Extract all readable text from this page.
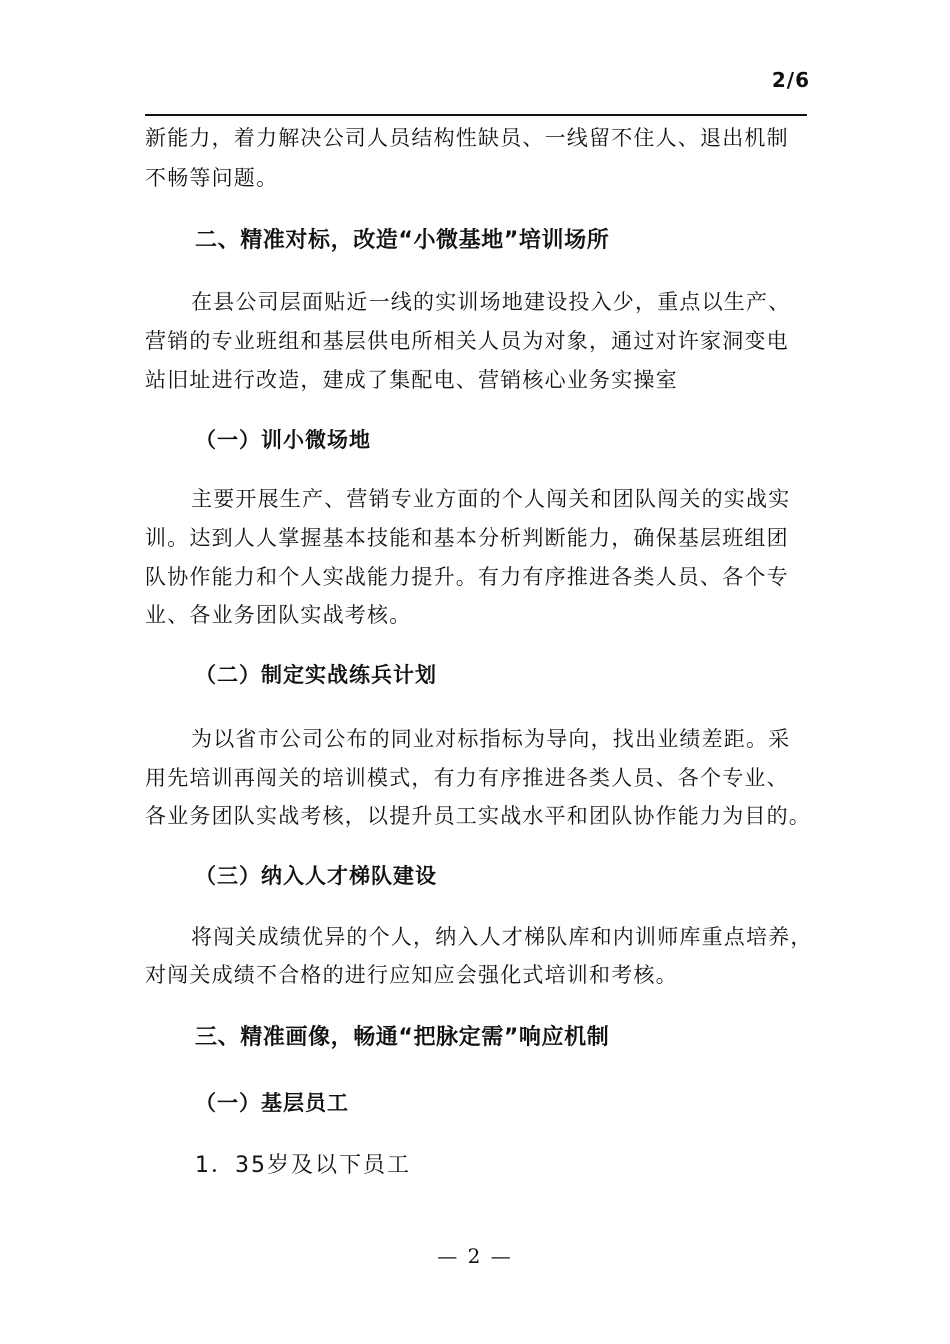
2/6
新能力，着力解决公司人员结构性缺员、一线留不住人、退出机制
不畅等问题。
二、精准对标，改造“小微基地”培训场所
在县公司层面贴近一线的实训场地建设投入少，重点以生产、
营销的专业班组和基层供电所相关人员为对象，通过对许家洞变电
站旧址进行改造，建成了集配电、营销核心业务实操室
（一）训小微场地
主要开展生产、营销专业方面的个人闯关和团队闯关的实战实
训。达到人人掌握基本技能和基本分析判断能力，确保基层班组团
队协作能力和个人实战能力提升。有力有序推进各类人员、各个专
业、各业务团队实战考核。
（二）制定实战练兵计划
为以省市公司公布的同业对标指标为导向，找出业绩差距。采
用先培训再闯关的培训模式，有力有序推进各类人员、各个专业、
各业务团队实战考核，以提升员工实战水平和团队协作能力为目的。
（三）纳入人才梯队建设
将闯关成绩优异的个人，纳入人才梯队库和内训师库重点培养，
对闯关成绩不合格的进行应知应会强化式培训和考核。
三、精准画像，畅通“把脉定需”响应机制
（一）基层员工
1．35岁及以下员工
— 2 —
